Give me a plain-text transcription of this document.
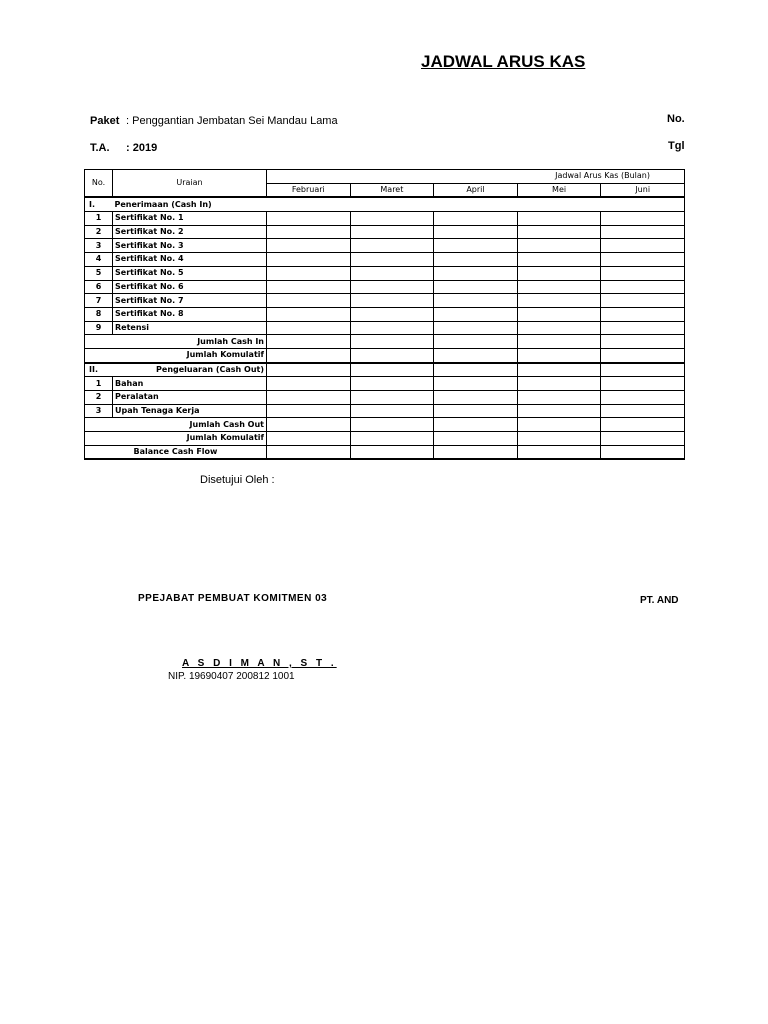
JADWAL ARUS KAS
Paket : Penggantian Jembatan Sei Mandau Lama
T.A. : 2019
No.
Tgl
No.	Uraian	Jadwal Arus Kas (Bulan)				
		Februari	Maret	April	Mei	Juni
I.	Penerimaan (Cash In)					
1	Sertifikat No. 1					
2	Sertifikat No. 2					
3	Sertifikat No. 3					
4	Sertifikat No. 4					
5	Sertifikat No. 5					
6	Sertifikat No. 6					
7	Sertifikat No. 7					
8	Sertifikat No. 8					
9	Retensi					
Jumlah Cash In						
Jumlah Komulatif						
II.	Pengeluaran (Cash Out)					
1	Bahan					
2	Peralatan					
3	Upah Tenaga Kerja					
Jumlah Cash Out						
Jumlah Komulatif						
Balance Cash Flow						
Disetujui Oleh :
PPEJABAT PEMBUAT KOMITMEN 03	PT. AND
A S D I M A N , S T .
NIP. 19690407 200812 1001
